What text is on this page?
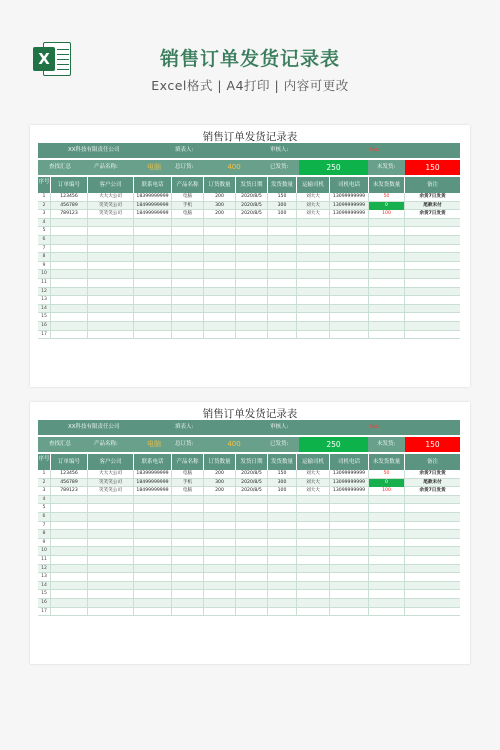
X	销售订单发货记录表
Excel格式 | A4打印 | 内容可更改
销售订单发货记录表
XX科技有限责任公司	填表人:	审核人:	No:
查找汇总	产品名称:	电脑	总订货:	400	已发货:	250	未发货:	150
序号	订单编号	客户公司	联系电话	产品名称	订货数量	发货日期	发货数量	运输司机	司机电话	未发货数量	备注
1	123456	大大大公司	18399999999	电脑	200	2020/8/5	150	刘大大	13099999999	50	余货7日发货
2	456789	笑笑笑公司	18499999999	手机	300	2020/8/5	300	刘大大	13099999999	0	尾款未付
3	789123	笑笑笑公司	18499999999	电脑	200	2020/8/5	100	刘大大	13099999999	100	余货7日发货
4
5
6
7
8
9
10
11
12
13
14
15
16
17
销售订单发货记录表
XX科技有限责任公司	填表人:	审核人:	No:
查找汇总	产品名称:	电脑	总订货:	400	已发货:	250	未发货:	150
序号	订单编号	客户公司	联系电话	产品名称	订货数量	发货日期	发货数量	运输司机	司机电话	未发货数量	备注
1	123456	大大大公司	18399999999	电脑	200	2020/8/5	150	刘大大	13099999999	50	余货7日发货
2	456789	笑笑笑公司	18499999999	手机	300	2020/8/5	300	刘大大	13099999999	0	尾款未付
3	789123	笑笑笑公司	18499999999	电脑	200	2020/8/5	100	刘大大	13099999999	100	余货7日发货
4
5
6
7
8
9
10
11
12
13
14
15
16
17
